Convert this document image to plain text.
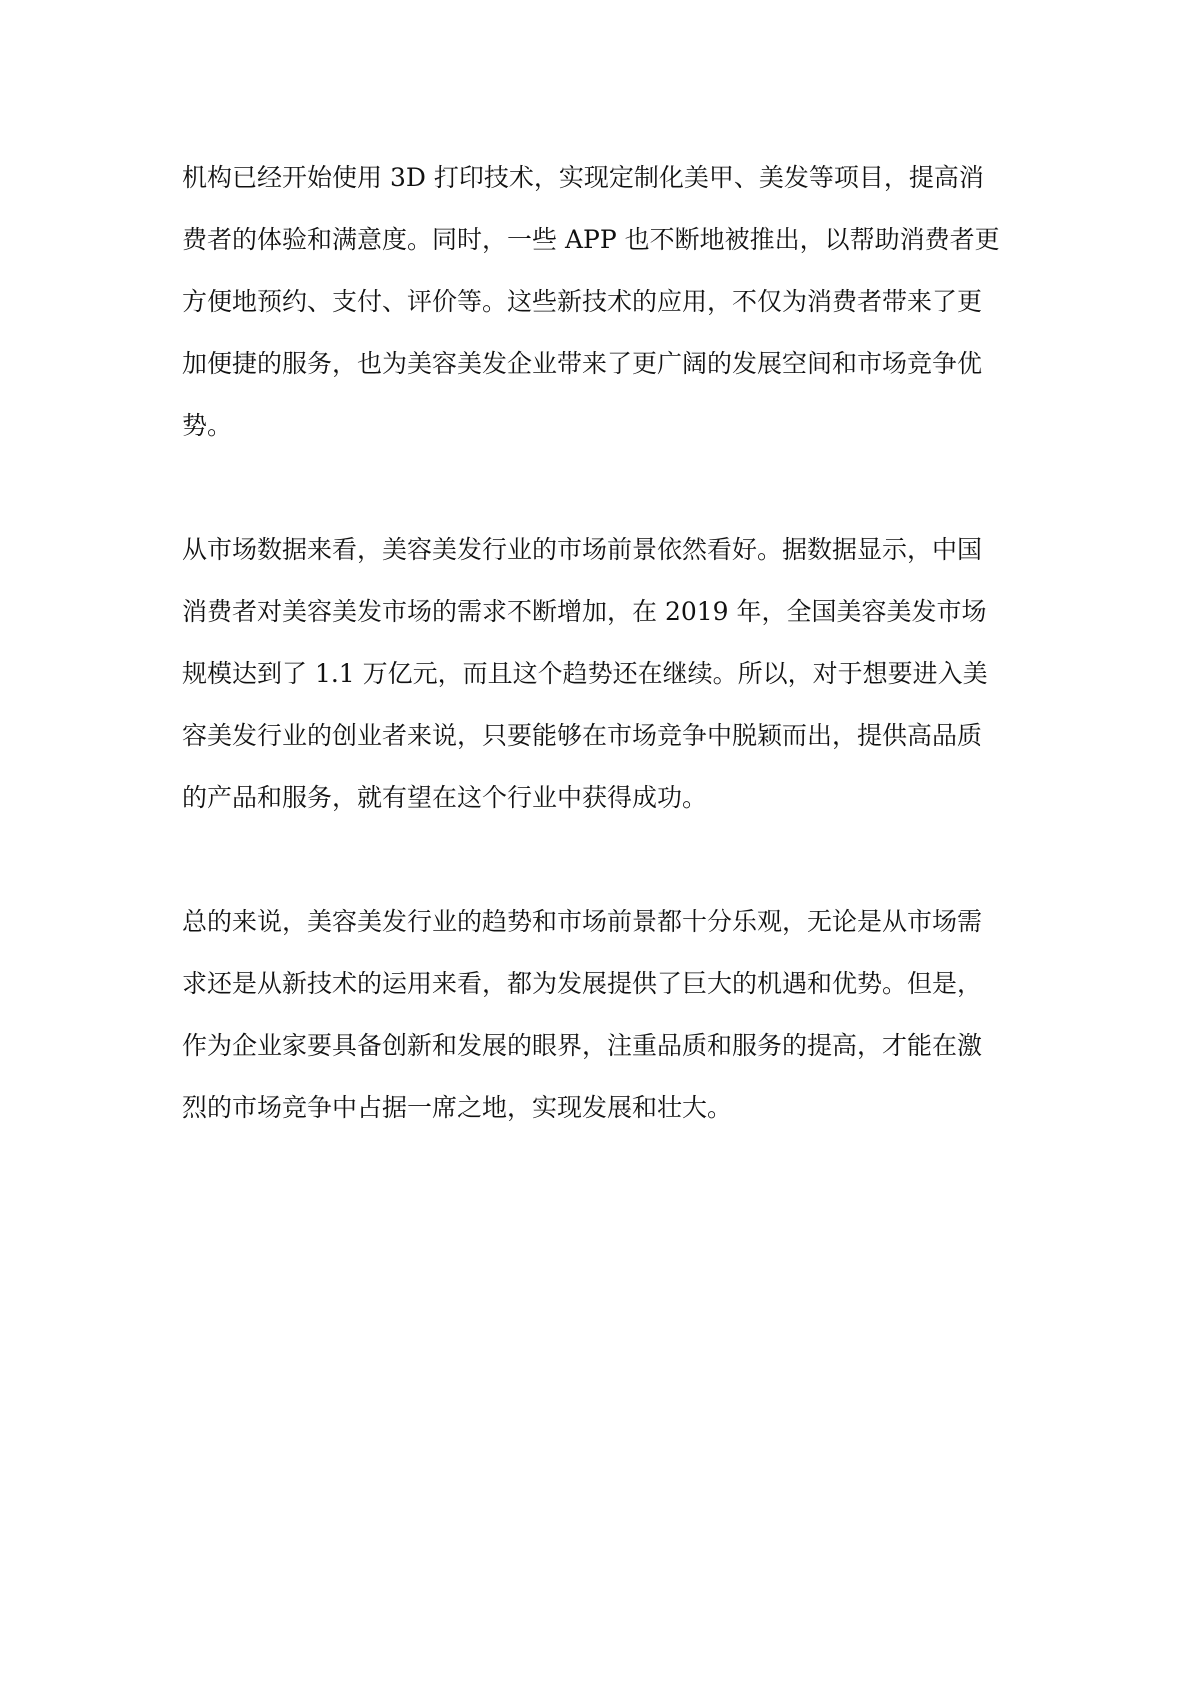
机构已经开始使用 3D 打印技术，实现定制化美甲、美发等项目，提高消
费者的体验和满意度。同时，一些 APP 也不断地被推出，以帮助消费者更
方便地预约、支付、评价等。这些新技术的应用，不仅为消费者带来了更
加便捷的服务，也为美容美发企业带来了更广阔的发展空间和市场竞争优
势。

从市场数据来看，美容美发行业的市场前景依然看好。据数据显示，中国
消费者对美容美发市场的需求不断增加，在 2019 年，全国美容美发市场
规模达到了 1.1 万亿元，而且这个趋势还在继续。所以，对于想要进入美
容美发行业的创业者来说，只要能够在市场竞争中脱颖而出，提供高品质
的产品和服务，就有望在这个行业中获得成功。

总的来说，美容美发行业的趋势和市场前景都十分乐观，无论是从市场需
求还是从新技术的运用来看，都为发展提供了巨大的机遇和优势。但是，
作为企业家要具备创新和发展的眼界，注重品质和服务的提高，才能在激
烈的市场竞争中占据一席之地，实现发展和壮大。
